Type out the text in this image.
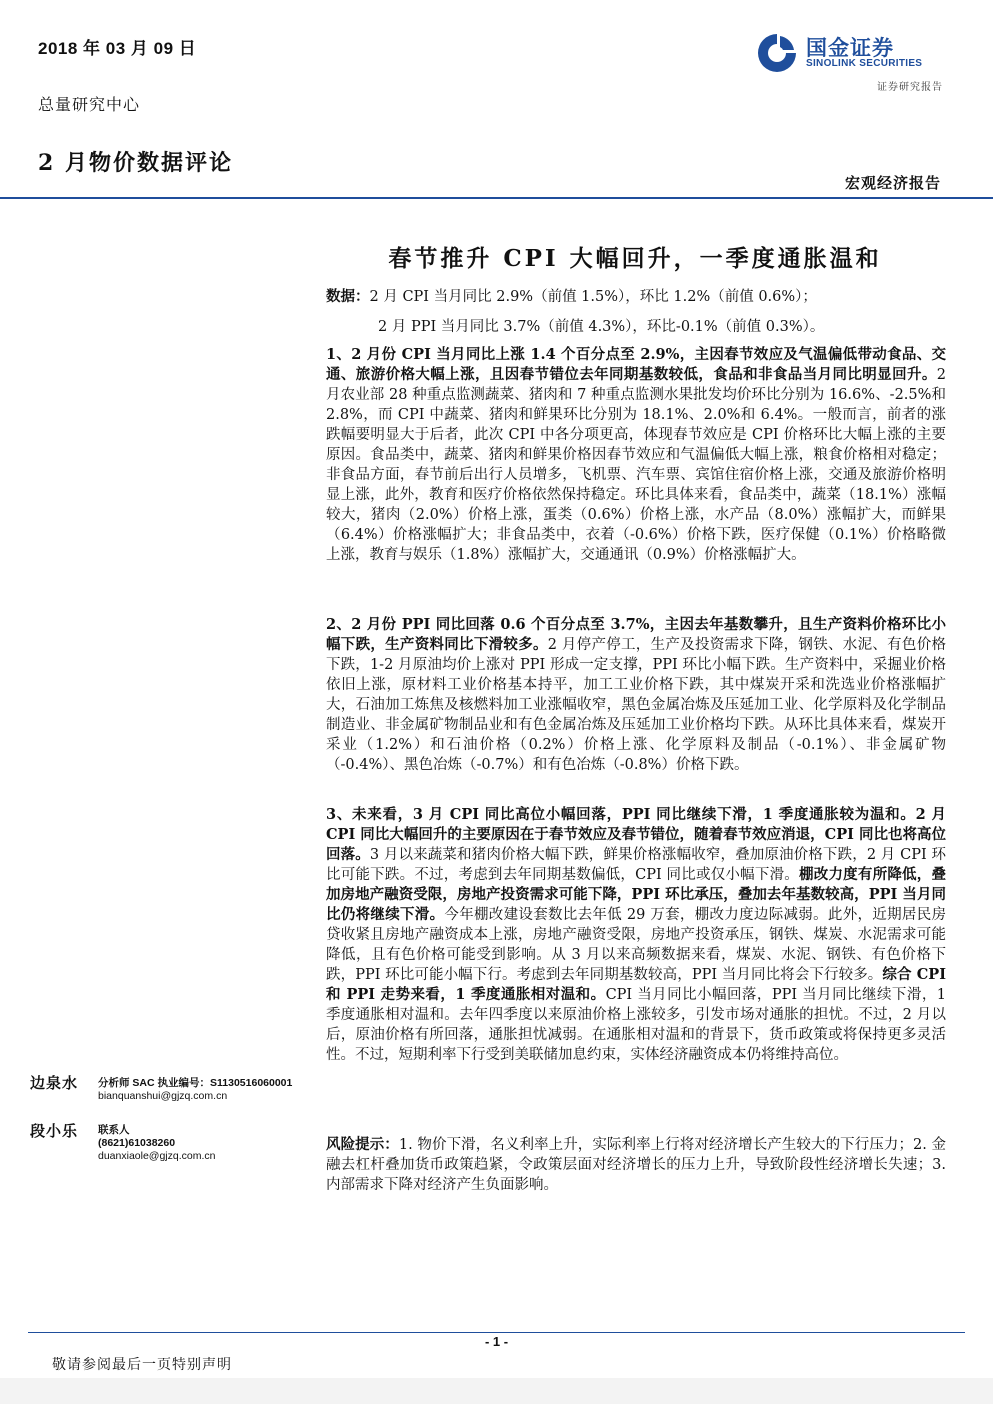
2018 年 03 月 09 日
总量研究中心
2 月物价数据评论
国金证券
SINOLINK SECURITIES
证券研究报告
宏观经济报告
春节推升 CPI 大幅回升，一季度通胀温和
数据：2 月 CPI 当月同比 2.9%（前值 1.5%），环比 1.2%（前值 0.6%）；
2 月 PPI 当月同比 3.7%（前值 4.3%），环比-0.1%（前值 0.3%）。
1、2 月份 CPI 当月同比上涨 1.4 个百分点至 2.9%，主因春节效应及气温偏低带动食品、交通、旅游价格大幅上涨，且因春节错位去年同期基数较低，食品和非食品当月同比明显回升。2 月农业部 28 种重点监测蔬菜、猪肉和 7 种重点监测水果批发均价环比分别为 16.6%、-2.5%和 2.8%，而 CPI 中蔬菜、猪肉和鲜果环比分别为 18.1%、2.0%和 6.4%。一般而言，前者的涨跌幅要明显大于后者，此次 CPI 中各分项更高，体现春节效应是 CPI 价格环比大幅上涨的主要原因。食品类中，蔬菜、猪肉和鲜果价格因春节效应和气温偏低大幅上涨，粮食价格相对稳定；非食品方面，春节前后出行人员增多，飞机票、汽车票、宾馆住宿价格上涨，交通及旅游价格明显上涨，此外，教育和医疗价格依然保持稳定。环比具体来看，食品类中，蔬菜（18.1%）涨幅较大，猪肉（2.0%）价格上涨，蛋类（0.6%）价格上涨，水产品（8.0%）涨幅扩大，而鲜果（6.4%）价格涨幅扩大；非食品类中，衣着（-0.6%）价格下跌，医疗保健（0.1%）价格略微上涨，教育与娱乐（1.8%）涨幅扩大，交通通讯（0.9%）价格涨幅扩大。
2、2 月份 PPI 同比回落 0.6 个百分点至 3.7%，主因去年基数攀升，且生产资料价格环比小幅下跌，生产资料同比下滑较多。2 月停产停工，生产及投资需求下降，钢铁、水泥、有色价格下跌，1-2 月原油均价上涨对 PPI 形成一定支撑，PPI 环比小幅下跌。生产资料中，采掘业价格依旧上涨，原材料工业价格基本持平，加工工业价格下跌，其中煤炭开采和洗选业价格涨幅扩大，石油加工炼焦及核燃料加工业涨幅收窄，黑色金属冶炼及压延加工业、化学原料及化学制品制造业、非金属矿物制品业和有色金属冶炼及压延加工业价格均下跌。从环比具体来看，煤炭开采业（1.2%）和石油价格（0.2%）价格上涨、化学原料及制品（-0.1%）、非金属矿物（-0.4%）、黑色冶炼（-0.7%）和有色冶炼（-0.8%）价格下跌。
3、未来看，3 月 CPI 同比高位小幅回落，PPI 同比继续下滑，1 季度通胀较为温和。2 月 CPI 同比大幅回升的主要原因在于春节效应及春节错位，随着春节效应消退，CPI 同比也将高位回落。3 月以来蔬菜和猪肉价格大幅下跌，鲜果价格涨幅收窄，叠加原油价格下跌，2 月 CPI 环比可能下跌。不过，考虑到去年同期基数偏低，CPI 同比或仅小幅下滑。棚改力度有所降低，叠加房地产融资受限，房地产投资需求可能下降，PPI 环比承压，叠加去年基数较高，PPI 当月同比仍将继续下滑。今年棚改建设套数比去年低 29 万套，棚改力度边际减弱。此外，近期居民房贷收紧且房地产融资成本上涨，房地产融资受限，房地产投资承压，钢铁、煤炭、水泥需求可能降低，且有色价格可能受到影响。从 3 月以来高频数据来看，煤炭、水泥、钢铁、有色价格下跌，PPI 环比可能小幅下行。考虑到去年同期基数较高，PPI 当月同比将会下行较多。综合 CPI 和 PPI 走势来看，1 季度通胀相对温和。CPI 当月同比小幅回落，PPI 当月同比继续下滑，1 季度通胀相对温和。去年四季度以来原油价格上涨较多，引发市场对通胀的担忧。不过，2 月以后，原油价格有所回落，通胀担忧减弱。在通胀相对温和的背景下，货币政策或将保持更多灵活性。不过，短期利率下行受到美联储加息约束，实体经济融资成本仍将维持高位。
风险提示：1. 物价下滑，名义利率上升，实际利率上行将对经济增长产生较大的下行压力；2. 金融去杠杆叠加货币政策趋紧，令政策层面对经济增长的压力上升，导致阶段性经济增长失速；3. 内部需求下降对经济产生负面影响。
边泉水 分析师 SAC 执业编号：S1130516060001
bianquanshui@gjzq.com.cn
段小乐 联系人
(8621)61038260
duanxiaole@gjzq.com.cn
- 1 -
敬请参阅最后一页特别声明
